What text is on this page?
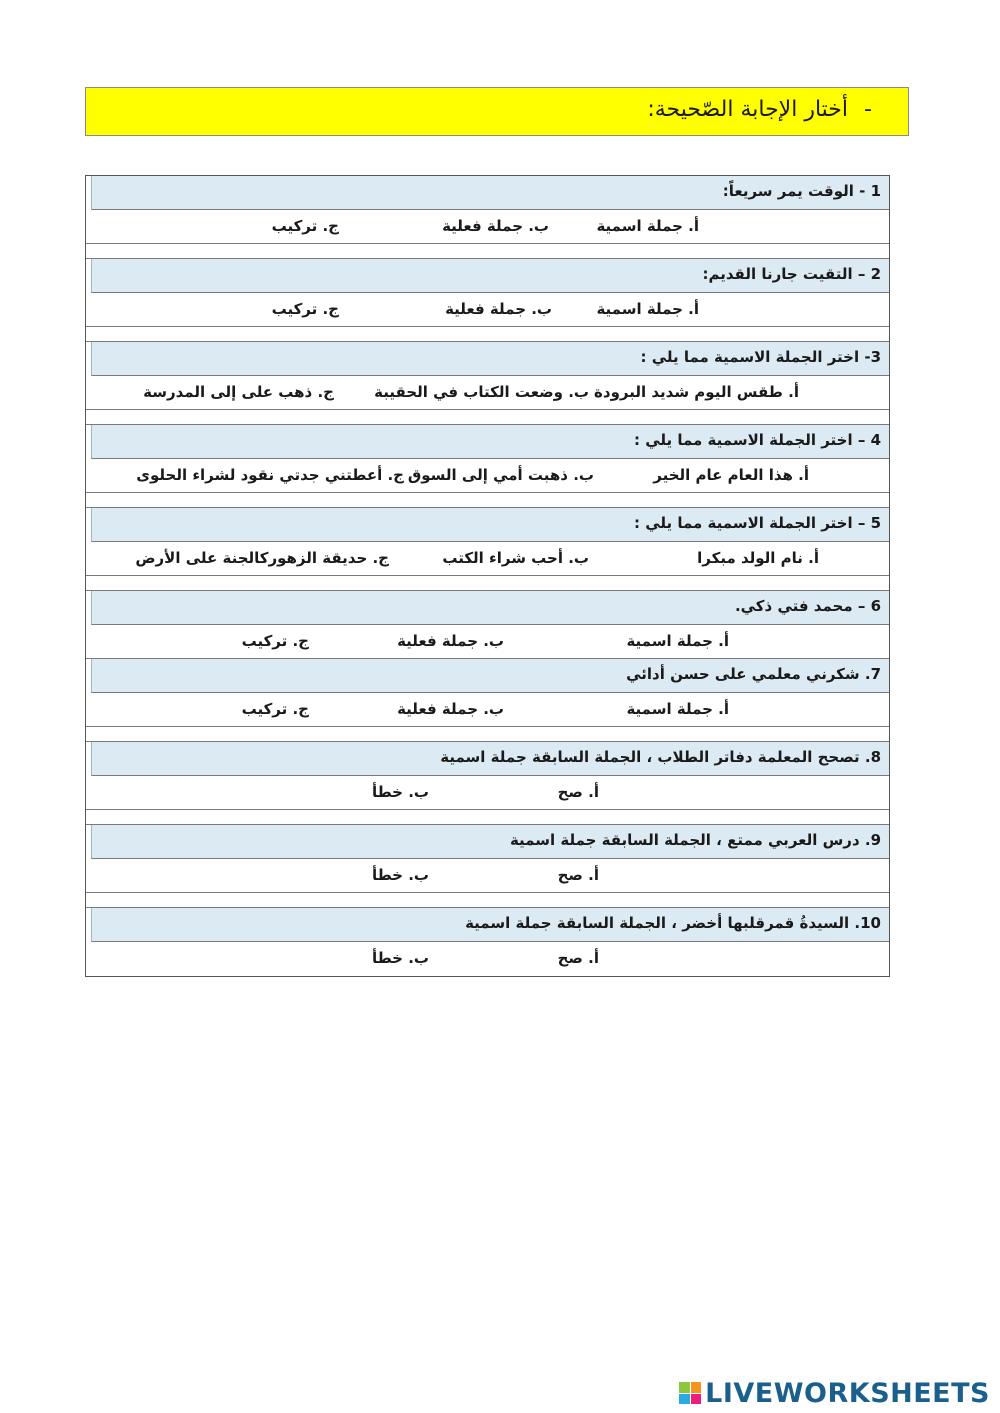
-
أختار الإجابة الصّحيحة:
1 - الوقت يمر سريعاً:
أ. جملة اسمية
ب. جملة فعلية
ج. تركيب
2 – التقيت جارنا القديم:
أ. جملة اسمية
ب. جملة فعلية
ج. تركيب
3- اختر الجملة الاسمية مما يلي :
أ. طقس اليوم شديد البرودة
ب. وضعت الكتاب في الحقيبة
ج. ذهب على إلى المدرسة
4 – اختر الجملة الاسمية مما يلي :
أ. هذا العام عام الخير
ب. ذهبت أمي إلى السوق
ج. أعطتني جدتي نقود لشراء الحلوى
5 – اختر الجملة الاسمية مما يلي :
أ. نام الولد مبكرا
ب. أحب شراء الكتب
ج. حديقة الزهوركالجنة على الأرض
6 – محمد فتي ذكي.
أ. جملة اسمية
ب. جملة فعلية
ج. تركيب
7. شكرني معلمي على حسن أدائي
أ. جملة اسمية
ب. جملة فعلية
ج. تركيب
8. تصحح المعلمة دفاتر الطلاب ، الجملة السابقة جملة اسمية
أ. صح
ب. خطأ
9. درس العربي ممتع ، الجملة السابقة جملة اسمية
أ. صح
ب. خطأ
10. السيدةُ قمرقلبها أخضر ، الجملة السابقة جملة اسمية
أ. صح
ب. خطأ
LIVEWORKSHEETS
